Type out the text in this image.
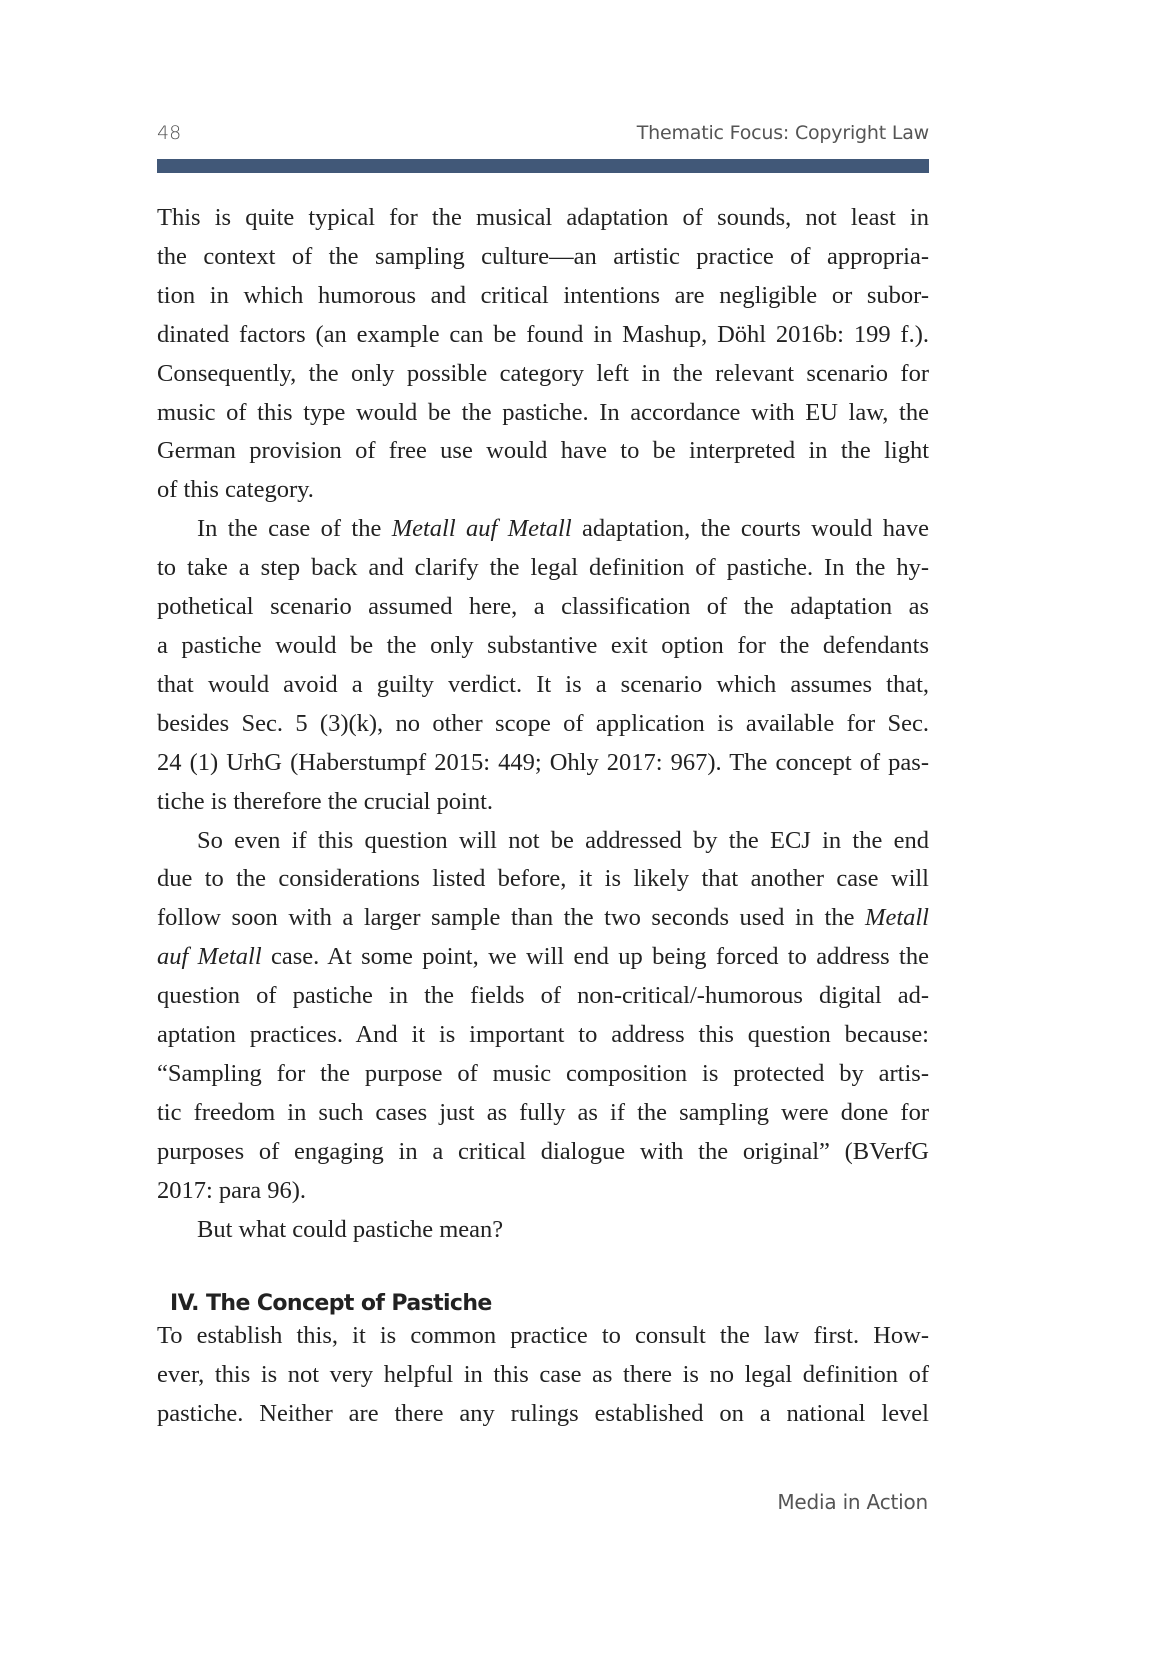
48	Thematic Focus: Copyright Law
This is quite typical for the musical adaptation of sounds, not least in
the context of the sampling culture—an artistic practice of appropria-
tion in which humorous and critical intentions are negligible or subor-
dinated factors (an example can be found in Mashup, Döhl 2016b: 199 f.).
Consequently, the only possible category left in the relevant scenario for
music of this type would be the pastiche. In accordance with EU law, the
German provision of free use would have to be interpreted in the light
of this category.
In the case of the Metall auf Metall adaptation, the courts would have
to take a step back and clarify the legal definition of pastiche. In the hy-
pothetical scenario assumed here, a classification of the adaptation as
a pastiche would be the only substantive exit option for the defendants
that would avoid a guilty verdict. It is a scenario which assumes that,
besides Sec. 5 (3)(k), no other scope of application is available for Sec.
24 (1) UrhG (Haberstumpf 2015: 449; Ohly 2017: 967). The concept of pas-
tiche is therefore the crucial point.
So even if this question will not be addressed by the ECJ in the end
due to the considerations listed before, it is likely that another case will
follow soon with a larger sample than the two seconds used in the Metall
auf Metall case. At some point, we will end up being forced to address the
question of pastiche in the fields of non-critical/-humorous digital ad-
aptation practices. And it is important to address this question because:
“Sampling for the purpose of music composition is protected by artis-
tic freedom in such cases just as fully as if the sampling were done for
purposes of engaging in a critical dialogue with the original” (BVerfG
2017: para 96).
But what could pastiche mean?
IV. The Concept of Pastiche
To establish this, it is common practice to consult the law first. How-
ever, this is not very helpful in this case as there is no legal definition of
pastiche. Neither are there any rulings established on a national level
Media in Action
